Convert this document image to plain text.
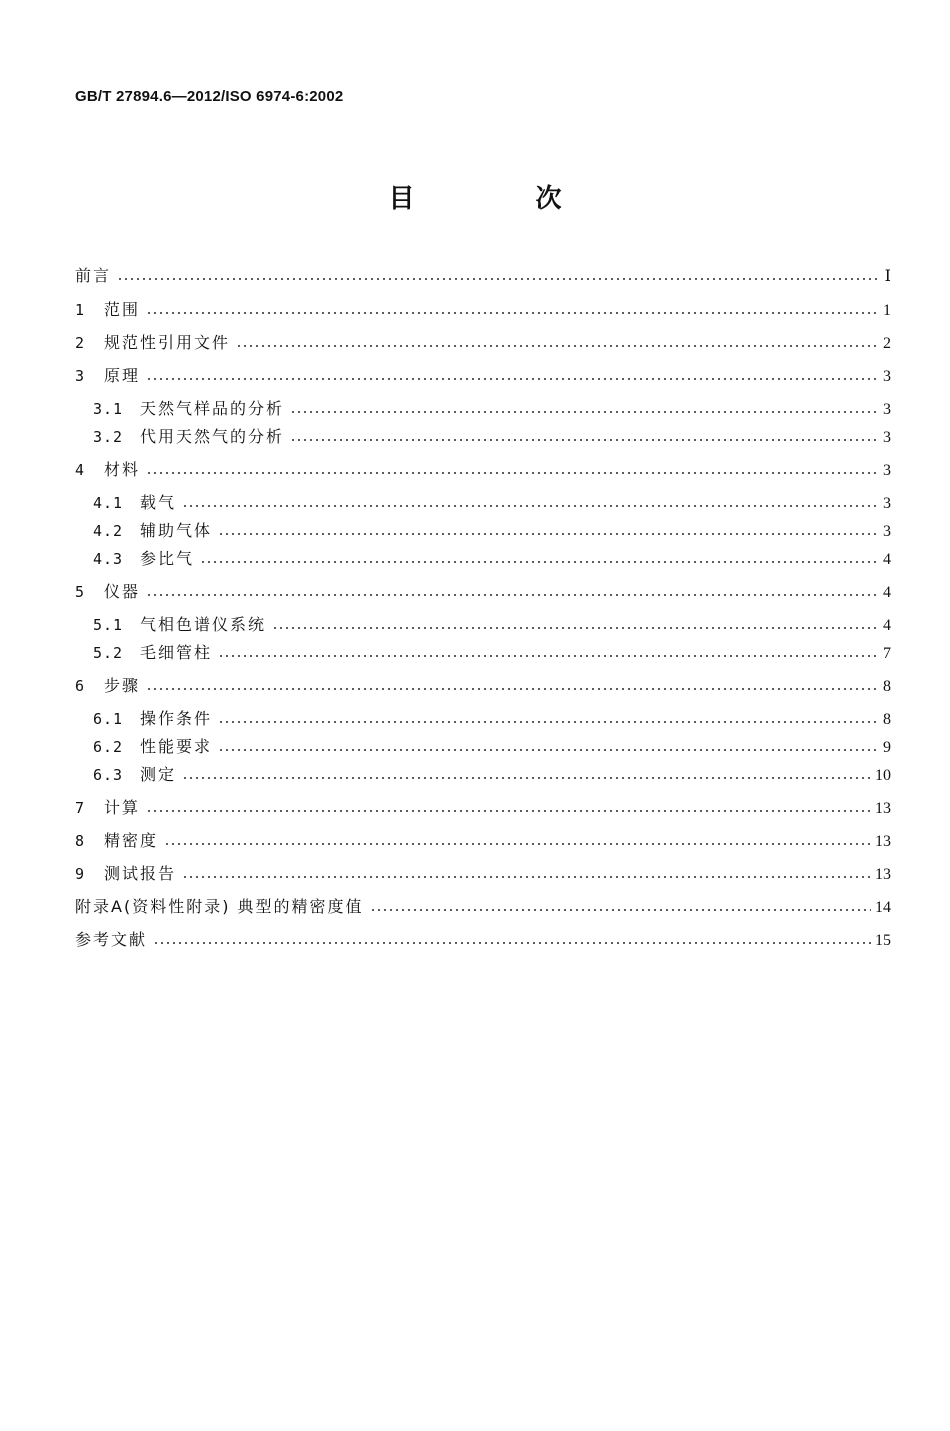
GB/T 27894.6—2012/ISO 6974-6:2002
目 次
前言	Ⅰ
1	范围	1
2	规范性引用文件	2
3	原理	3
3.1	天然气样品的分析	3
3.2	代用天然气的分析	3
4	材料	3
4.1	载气	3
4.2	辅助气体	3
4.3	参比气	4
5	仪器	4
5.1	气相色谱仪系统	4
5.2	毛细管柱	7
6	步骤	8
6.1	操作条件	8
6.2	性能要求	9
6.3	测定	10
7	计算	13
8	精密度	13
9	测试报告	13
附录A(资料性附录) 典型的精密度值	14
参考文献	15
